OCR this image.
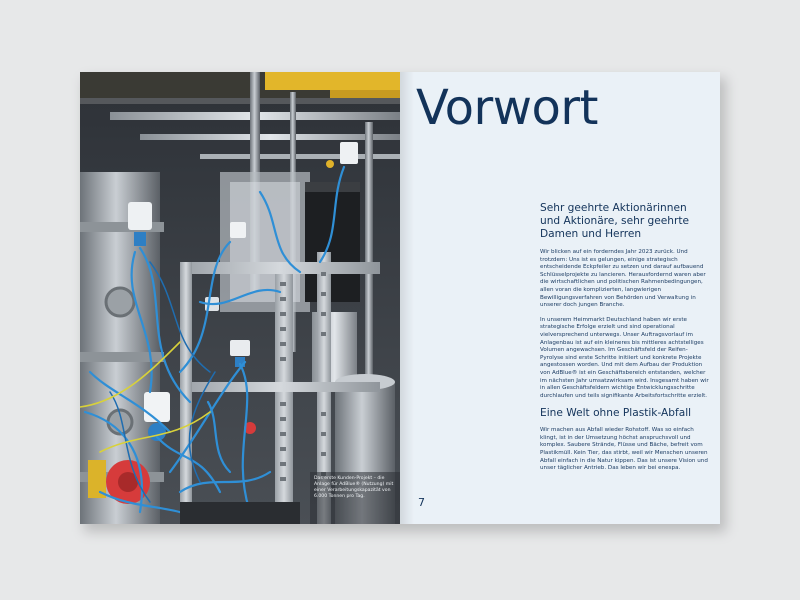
Das erste Kunden-Projekt – die Anlage für AdBlue® (Nutzung) mit einer Verarbeitungskapazität von 6.000 Tonnen pro Tag.
Vorwort
Sehr geehrte Aktionärinnen und Aktionäre, sehr geehrte Damen und Herren

Wir blicken auf ein forderndes Jahr 2023 zurück. Und trotzdem: Uns ist es gelungen, einige strategisch entscheidende Eckpfeiler zu setzen und darauf aufbauend Schlüsselprojekte zu lancieren. Herausfordernd waren aber die wirtschaftlichen und politischen Rahmenbedingungen, allen voran die komplizierten, langwierigen Bewilligungsverfahren von Behörden und Verwaltung in unserer doch jungen Branche.

In unserem Heimmarkt Deutschland haben wir erste strategische Erfolge erzielt und sind operational vielversprechend unterwegs. Unser Auftragsvorlauf im Anlagenbau ist auf ein kleineres bis mittleres achtstelliges Volumen angewachsen. Im Geschäftsfeld der Reifen-Pyrolyse sind erste Schritte initiiert und konkrete Projekte angestossen worden. Und mit dem Aufbau der Produktion von AdBlue® ist ein Geschäftsbereich entstanden, welcher im nächsten Jahr umsatzwirksam wird. Insgesamt haben wir in allen Geschäftsfeldern wichtige Entwicklungsschritte durchlaufen und teils signifikante Arbeitsfortschritte erzielt.

Eine Welt ohne Plastik-Abfall

Wir machen aus Abfall wieder Rohstoff. Was so einfach klingt, ist in der Umsetzung höchst anspruchsvoll und komplex. Saubere Strände, Flüsse und Bäche, befreit vom Plastikmüll. Kein Tier, das stirbt, weil wir Menschen unseren Abfall einfach in die Natur kippen. Das ist unsere Vision und unser täglicher Antrieb. Das leben wir bei enespa.

7
